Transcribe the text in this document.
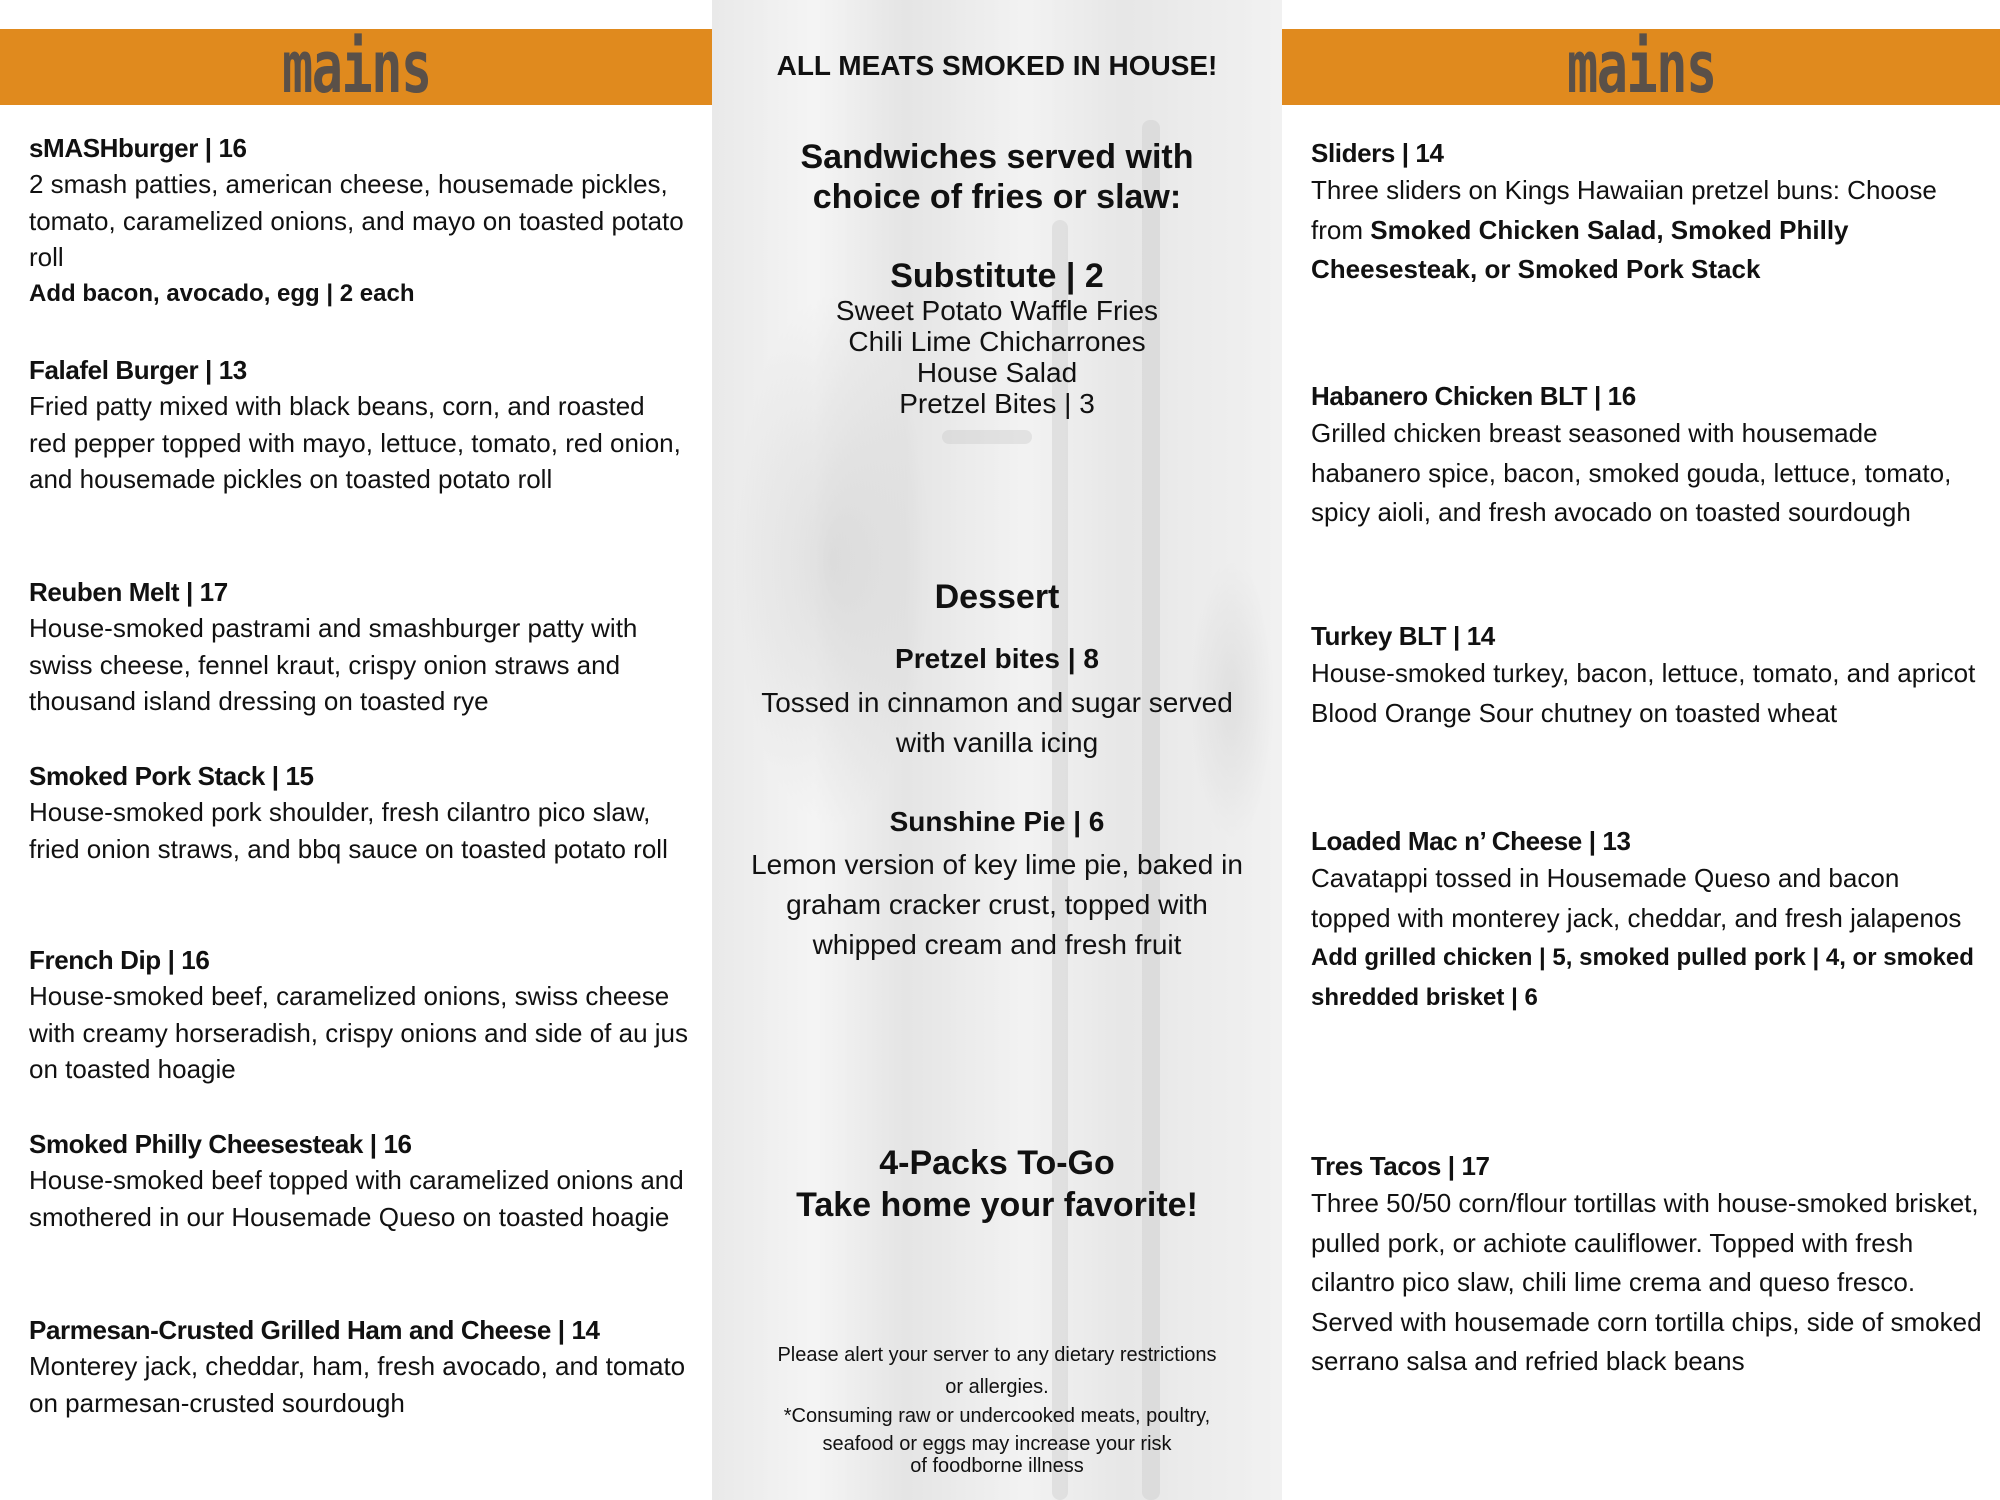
mains
sMASHburger | 16
2 smash patties, american cheese, housemade pickles, tomato, caramelized onions, and mayo on toasted potato roll
Add bacon, avocado, egg | 2 each
Falafel Burger | 13
Fried patty mixed with black beans, corn, and roasted red pepper topped with mayo, lettuce, tomato, red onion, and housemade pickles on toasted potato roll
Reuben Melt | 17
House-smoked pastrami and smashburger patty with swiss cheese, fennel kraut, crispy onion straws and thousand island dressing on toasted rye
Smoked Pork Stack | 15
House-smoked pork shoulder, fresh cilantro pico slaw, fried onion straws, and bbq sauce on toasted potato roll
French Dip | 16
House-smoked beef, caramelized onions, swiss cheese with creamy horseradish, crispy onions and side of au jus on toasted hoagie
Smoked Philly Cheesesteak | 16
House-smoked beef topped with caramelized onions and smothered in our Housemade Queso on toasted hoagie
Parmesan-Crusted Grilled Ham and Cheese | 14
Monterey jack, cheddar, ham, fresh avocado, and tomato on parmesan-crusted sourdough
ALL MEATS SMOKED IN HOUSE!
Sandwiches served with
choice of fries or slaw:
Substitute | 2
Sweet Potato Waffle Fries
Chili Lime Chicharrones
House Salad
Pretzel Bites | 3
Dessert
Pretzel bites | 8
Tossed in cinnamon and sugar served
with vanilla icing
Sunshine Pie | 6
Lemon version of key lime pie, baked in
graham cracker crust, topped with
whipped cream and fresh fruit
4-Packs To-Go
Take home your favorite!
Please alert your server to any dietary restrictions
or allergies.
*Consuming raw or undercooked meats, poultry,
seafood or eggs may increase your risk
of foodborne illness
mains
Sliders | 14
Three sliders on Kings Hawaiian pretzel buns: Choose from Smoked Chicken Salad, Smoked Philly Cheesesteak, or Smoked Pork Stack
Habanero Chicken BLT | 16
Grilled chicken breast seasoned with housemade habanero spice, bacon, smoked gouda, lettuce, tomato, spicy aioli, and fresh avocado on toasted sourdough
Turkey BLT | 14
House-smoked turkey, bacon, lettuce, tomato, and apricot Blood Orange Sour chutney on toasted wheat
Loaded Mac n’ Cheese | 13
Cavatappi tossed in Housemade Queso and bacon topped with monterey jack, cheddar, and fresh jalapenos
Add grilled chicken | 5, smoked pulled pork | 4, or smoked shredded brisket | 6
Tres Tacos | 17
Three 50/50 corn/flour tortillas with house-smoked brisket, pulled pork, or achiote cauliflower. Topped with fresh cilantro pico slaw, chili lime crema and queso fresco.
Served with housemade corn tortilla chips, side of smoked serrano salsa and refried black beans
